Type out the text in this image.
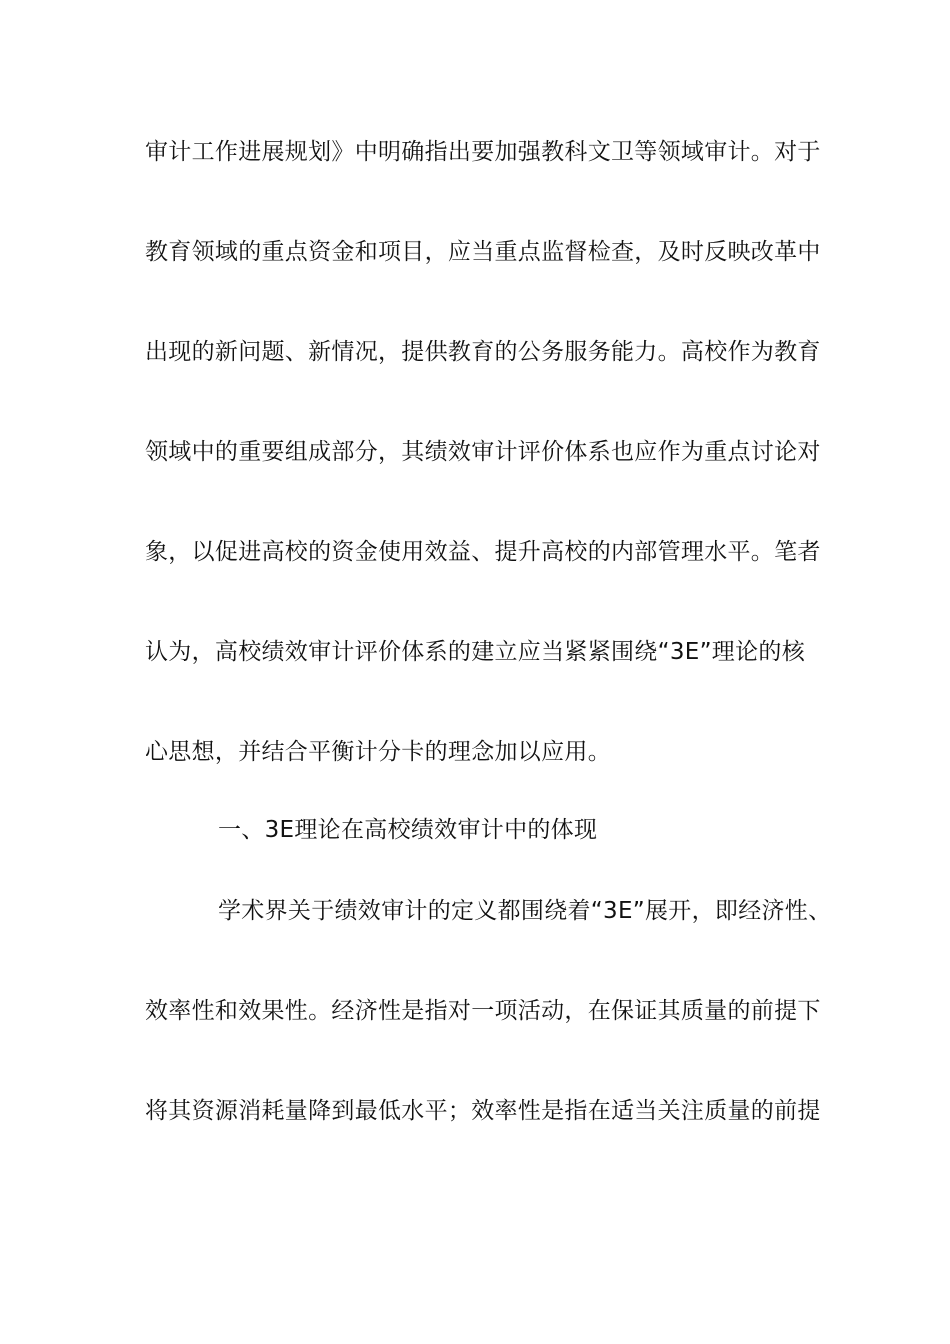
审计工作进展规划》中明确指出要加强教科文卫等领域审计。对于
教育领域的重点资金和项目，应当重点监督检查，及时反映改革中
出现的新问题、新情况，提供教育的公务服务能力。高校作为教育
领域中的重要组成部分，其绩效审计评价体系也应作为重点讨论对
象，以促进高校的资金使用效益、提升高校的内部管理水平。笔者
认为，高校绩效审计评价体系的建立应当紧紧围绕“3E”理论的核
心思想，并结合平衡计分卡的理念加以应用。
一、3E理论在高校绩效审计中的体现
学术界关于绩效审计的定义都围绕着“3E”展开，即经济性、
效率性和效果性。经济性是指对一项活动，在保证其质量的前提下
将其资源消耗量降到最低水平；效率性是指在适当关注质量的前提
